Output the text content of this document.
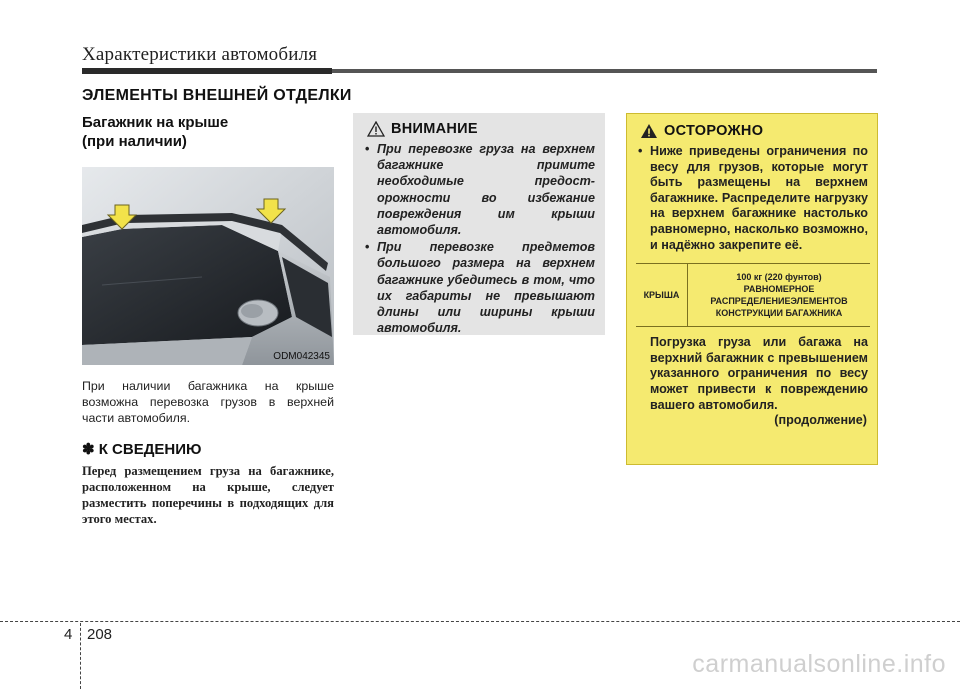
Характеристики автомобиля
ЭЛЕМЕНТЫ ВНЕШНЕЙ ОТДЕЛКИ
Багажник на крыше
(при наличии)
ODM042345
При наличии багажника на крыше возможна перевозка грузов в верхней части автомобиля.
✽ К СВЕДЕНИЮ
Перед размещением груза на багажнике, расположенном на крыше, следует разместить поперечины в подходящих для этого местах.
ВНИМАНИЕ
• При перевозке груза на верхнем багажнике примите необходимые предост-орожности во избежание повреждения им крыши автомобиля.
• При перевозке предметов большого размера на верхнем багажнике убедитесь в том, что их габариты не превышают длины или ширины крыши автомобиля.
ОСТОРОЖНО
• Ниже приведены ограничения по весу для грузов, которые могут быть размещены на верхнем багажнике. Распределите нагрузку на верхнем багажнике настолько равномерно, насколько возможно, и надёжно закрепите её.
КРЫША
100 кг (220 фунтов)
РАВНОМЕРНОЕ
РАСПРЕДЕЛЕНИЕЭЛЕМЕНТОВ
КОНСТРУКЦИИ БАГАЖНИКА
Погрузка груза или багажа на верхний багажник с превышением указанного ограничения по весу может привести к повреждению вашего автомобиля.
(продолжение)
4 208
carmanualsonline.info
